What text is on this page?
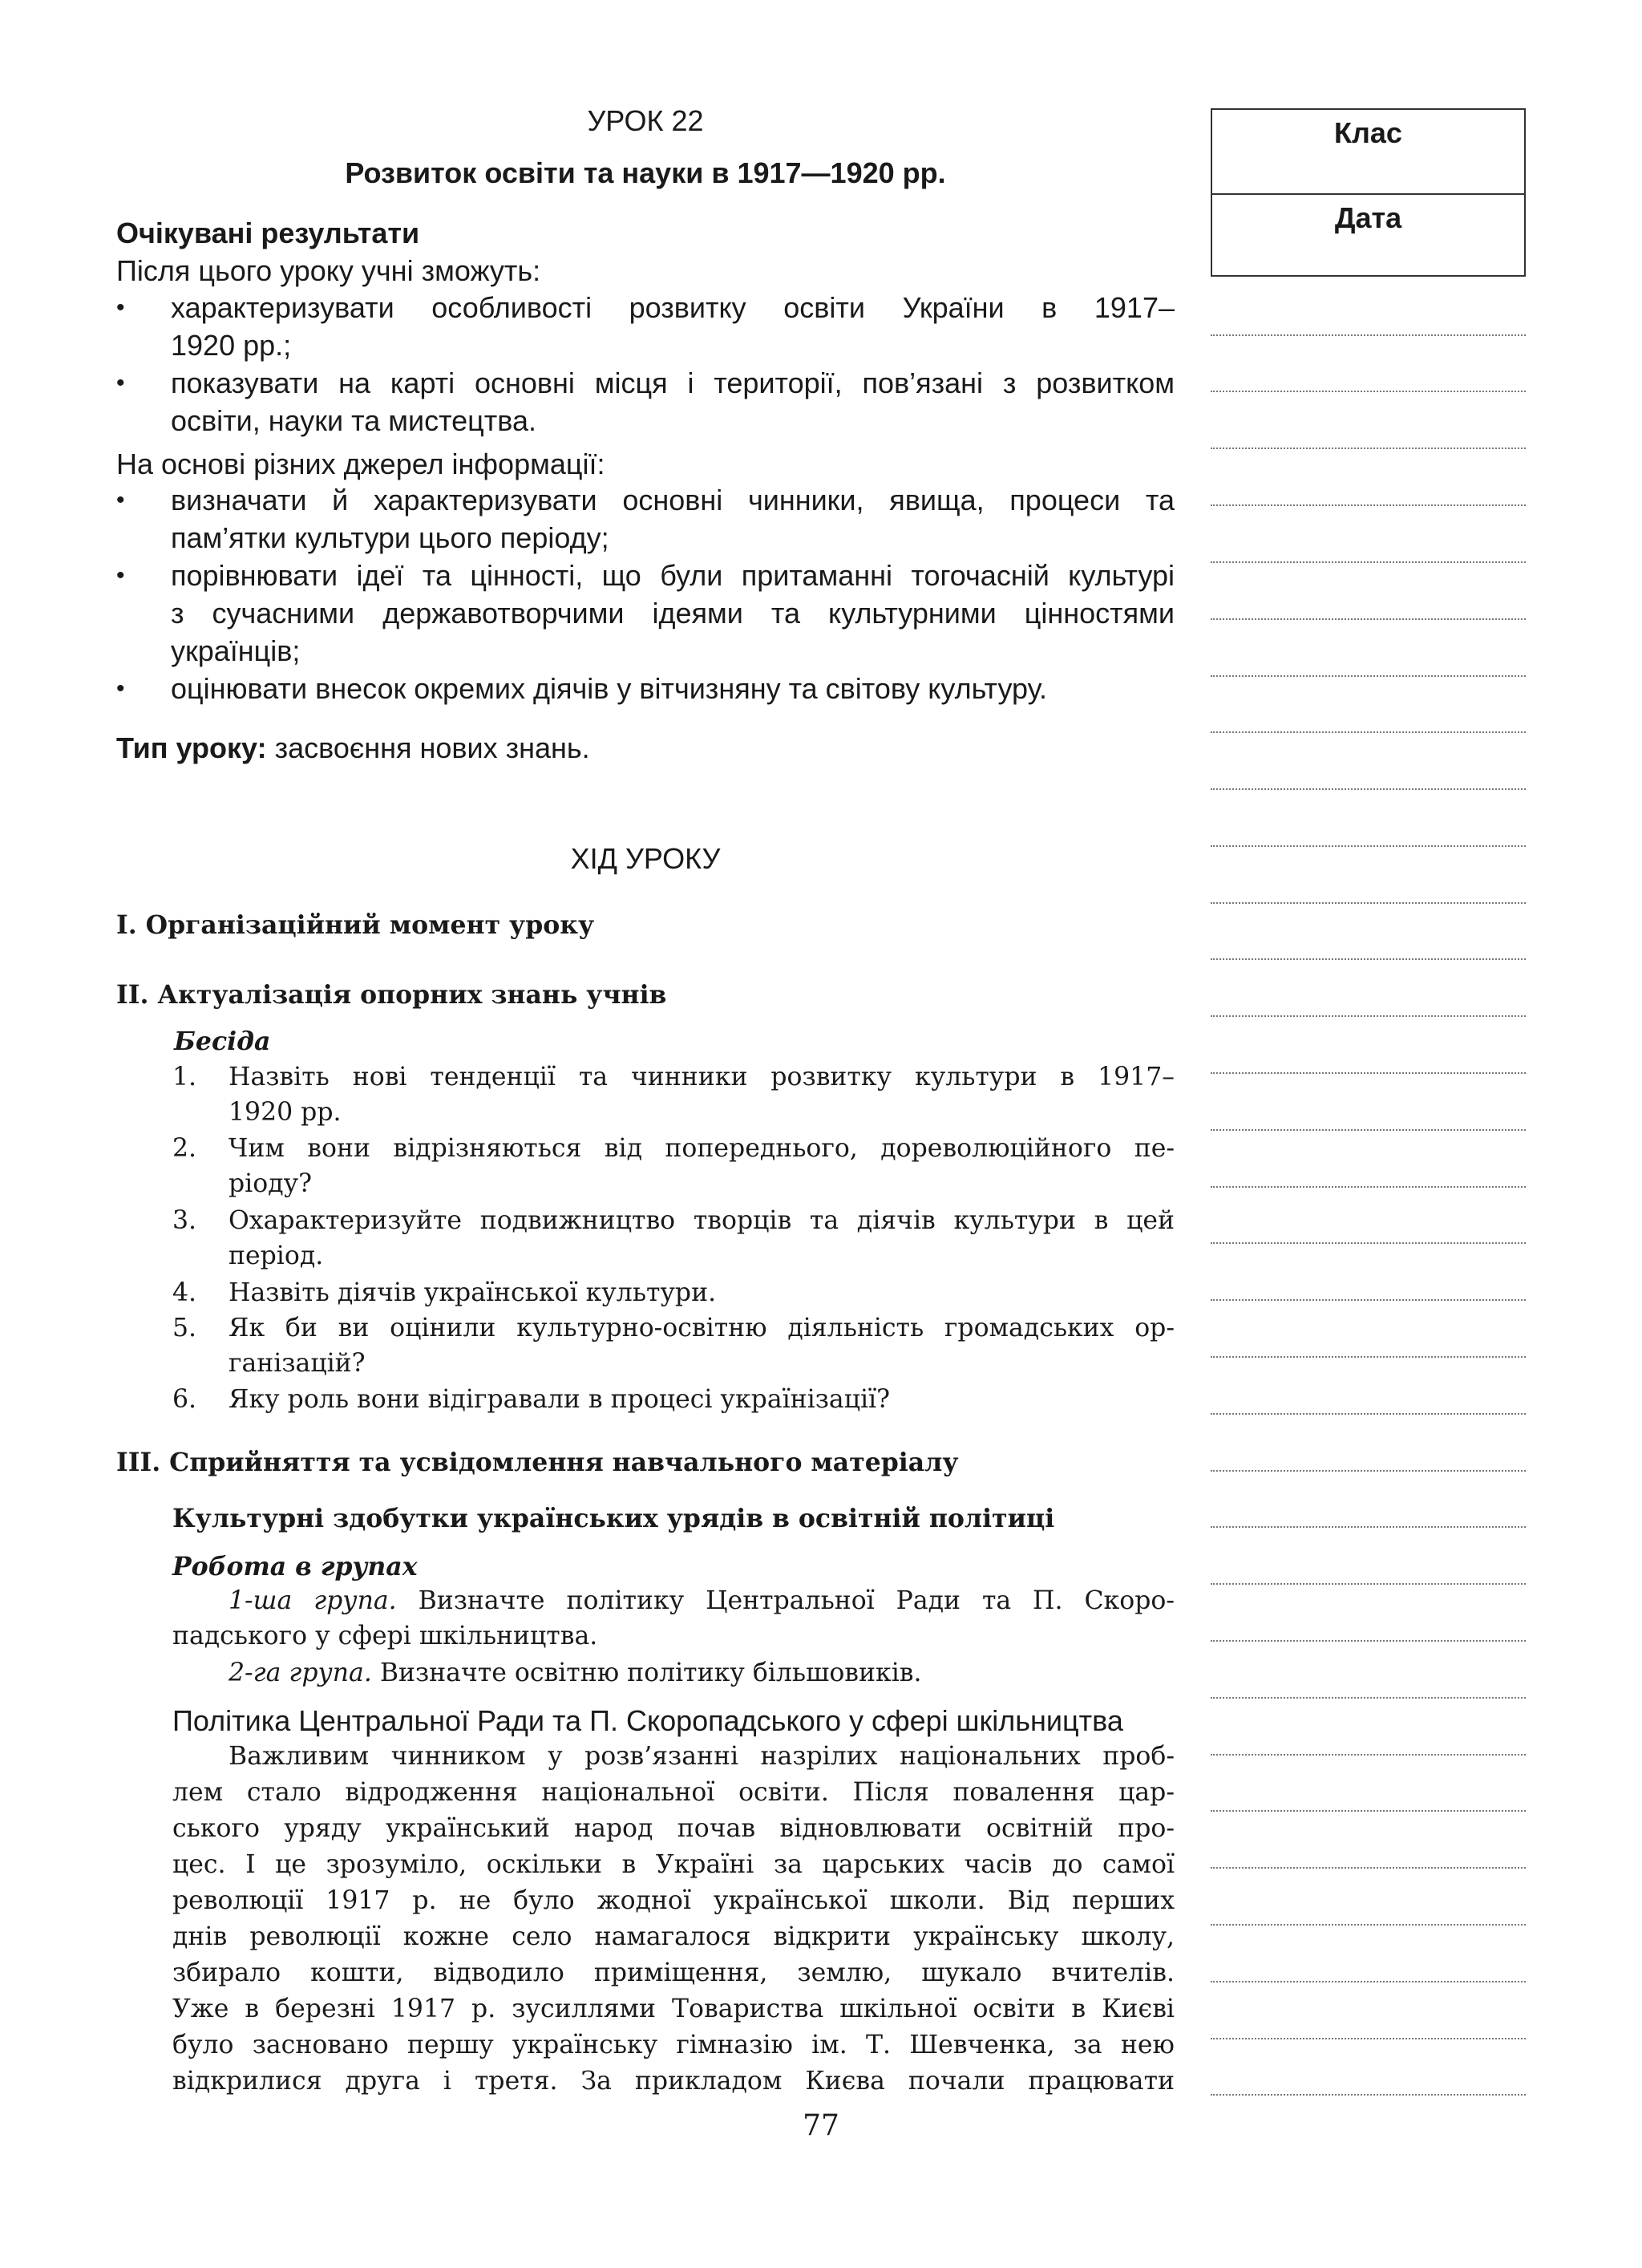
УРОК 22
Розвиток освіти та науки в 1917—1920 рр.
Очікувані результати
Після цього уроку учні зможуть:
• характеризувати особливості розвитку освіти України в 1917–
1920 рр.;
• показувати на карті основні місця і території, пов’язані з розвитком
освіти, науки та мистецтва.
На основі різних джерел інформації:
• визначати й характеризувати основні чинники, явища, процеси та
пам’ятки культури цього періоду;
• порівнювати ідеї та цінності, що були притаманні тогочасній культурі
з сучасними державотворчими ідеями та культурними цінностями
українців;
• оцінювати внесок окремих діячів у вітчизняну та світову культуру.
Тип уроку: засвоєння нових знань.
ХІД УРОКУ
І. Організаційний момент уроку
ІІ. Актуалізація опорних знань учнів
Бесіда
1. Назвіть нові тенденції та чинники розвитку культури в 1917–
1920 рр.
2. Чим вони відрізняються від попереднього, дореволюційного пе-
ріоду?
3. Охарактеризуйте подвижництво творців та діячів культури в цей
період.
4. Назвіть діячів української культури.
5. Як би ви оцінили культурно-освітню діяльність громадських ор-
ганізацій?
6. Яку роль вони відігравали в процесі українізації?
ІІІ. Сприйняття та усвідомлення навчального матеріалу
Культурні здобутки українських урядів в освітній політиці
Робота в групах
1-ша група. Визначте політику Центральної Ради та П. Скоро-
падського у сфері шкільництва.
2-га група. Визначте освітню політику більшовиків.
Політика Центральної Ради та П. Скоропадського у сфері шкільництва
Важливим чинником у розв’язанні назрілих національних проб-
лем стало відродження національної освіти. Після повалення цар-
ського уряду український народ почав відновлювати освітній про-
цес. І це зрозуміло, оскільки в Україні за царських часів до самої
революції 1917 р. не було жодної української школи. Від перших
днів революції кожне село намагалося відкрити українську школу,
збирало кошти, відводило приміщення, землю, шукало вчителів.
Уже в березні 1917 р. зусиллями Товариства шкільної освіти в Києві
було засновано першу українську гімназію ім. Т. Шевченка, за нею
відкрилися друга і третя. За прикладом Києва почали працювати
Клас
Дата
77
